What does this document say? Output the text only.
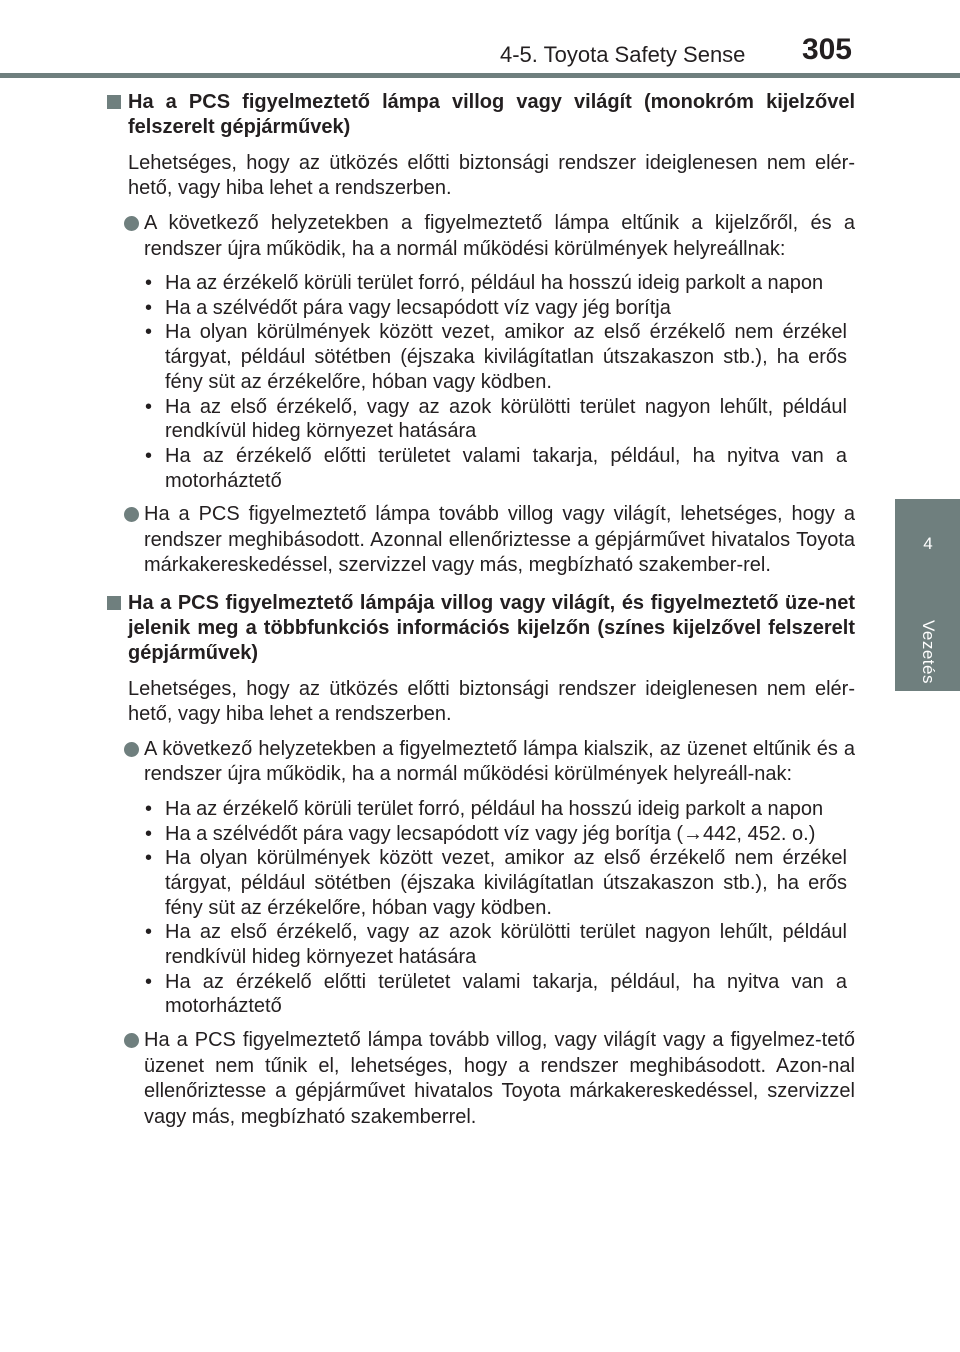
4-5. Toyota Safety Sense	305
4
Vezetés
Ha a PCS figyelmeztető lámpa villog vagy világít (monokróm kijelzővel felszerelt gépjárművek)
Lehetséges, hogy az ütközés előtti biztonsági rendszer ideiglenesen nem elér-hető, vagy hiba lehet a rendszerben.
A következő helyzetekben a figyelmeztető lámpa eltűnik a kijelzőről, és a rendszer újra működik, ha a normál működési körülmények helyreállnak:
• Ha az érzékelő körüli terület forró, például ha hosszú ideig parkolt a napon
• Ha a szélvédőt pára vagy lecsapódott víz vagy jég borítja
• Ha olyan körülmények között vezet, amikor az első érzékelő nem érzékel tárgyat, például sötétben (éjszaka kivilágítatlan útszakaszon stb.), ha erős fény süt az érzékelőre, hóban vagy ködben.
• Ha az első érzékelő, vagy az azok körülötti terület nagyon lehűlt, például rendkívül hideg környezet hatására
• Ha az érzékelő előtti területet valami takarja, például, ha nyitva van a motorháztető
Ha a PCS figyelmeztető lámpa tovább villog vagy világít, lehetséges, hogy a rendszer meghibásodott. Azonnal ellenőriztesse a gépjárművet hivatalos Toyota márkakereskedéssel, szervizzel vagy más, megbízható szakember-rel.
Ha a PCS figyelmeztető lámpája villog vagy világít, és figyelmeztető üze-net jelenik meg a többfunkciós információs kijelzőn (színes kijelzővel felszerelt gépjárművek)
Lehetséges, hogy az ütközés előtti biztonsági rendszer ideiglenesen nem elér-hető, vagy hiba lehet a rendszerben.
A következő helyzetekben a figyelmeztető lámpa kialszik, az üzenet eltűnik és a rendszer újra működik, ha a normál működési körülmények helyreáll-nak:
• Ha az érzékelő körüli terület forró, például ha hosszú ideig parkolt a napon
• Ha a szélvédőt pára vagy lecsapódott víz vagy jég borítja (→442, 452. o.)
• Ha olyan körülmények között vezet, amikor az első érzékelő nem érzékel tárgyat, például sötétben (éjszaka kivilágítatlan útszakaszon stb.), ha erős fény süt az érzékelőre, hóban vagy ködben.
• Ha az első érzékelő, vagy az azok körülötti terület nagyon lehűlt, például rendkívül hideg környezet hatására
• Ha az érzékelő előtti területet valami takarja, például, ha nyitva van a motorháztető
Ha a PCS figyelmeztető lámpa tovább villog, vagy világít vagy a figyelmez-tető üzenet nem tűnik el, lehetséges, hogy a rendszer meghibásodott. Azon-nal ellenőriztesse a gépjárművet hivatalos Toyota márkakereskedéssel, szervizzel vagy más, megbízható szakemberrel.
